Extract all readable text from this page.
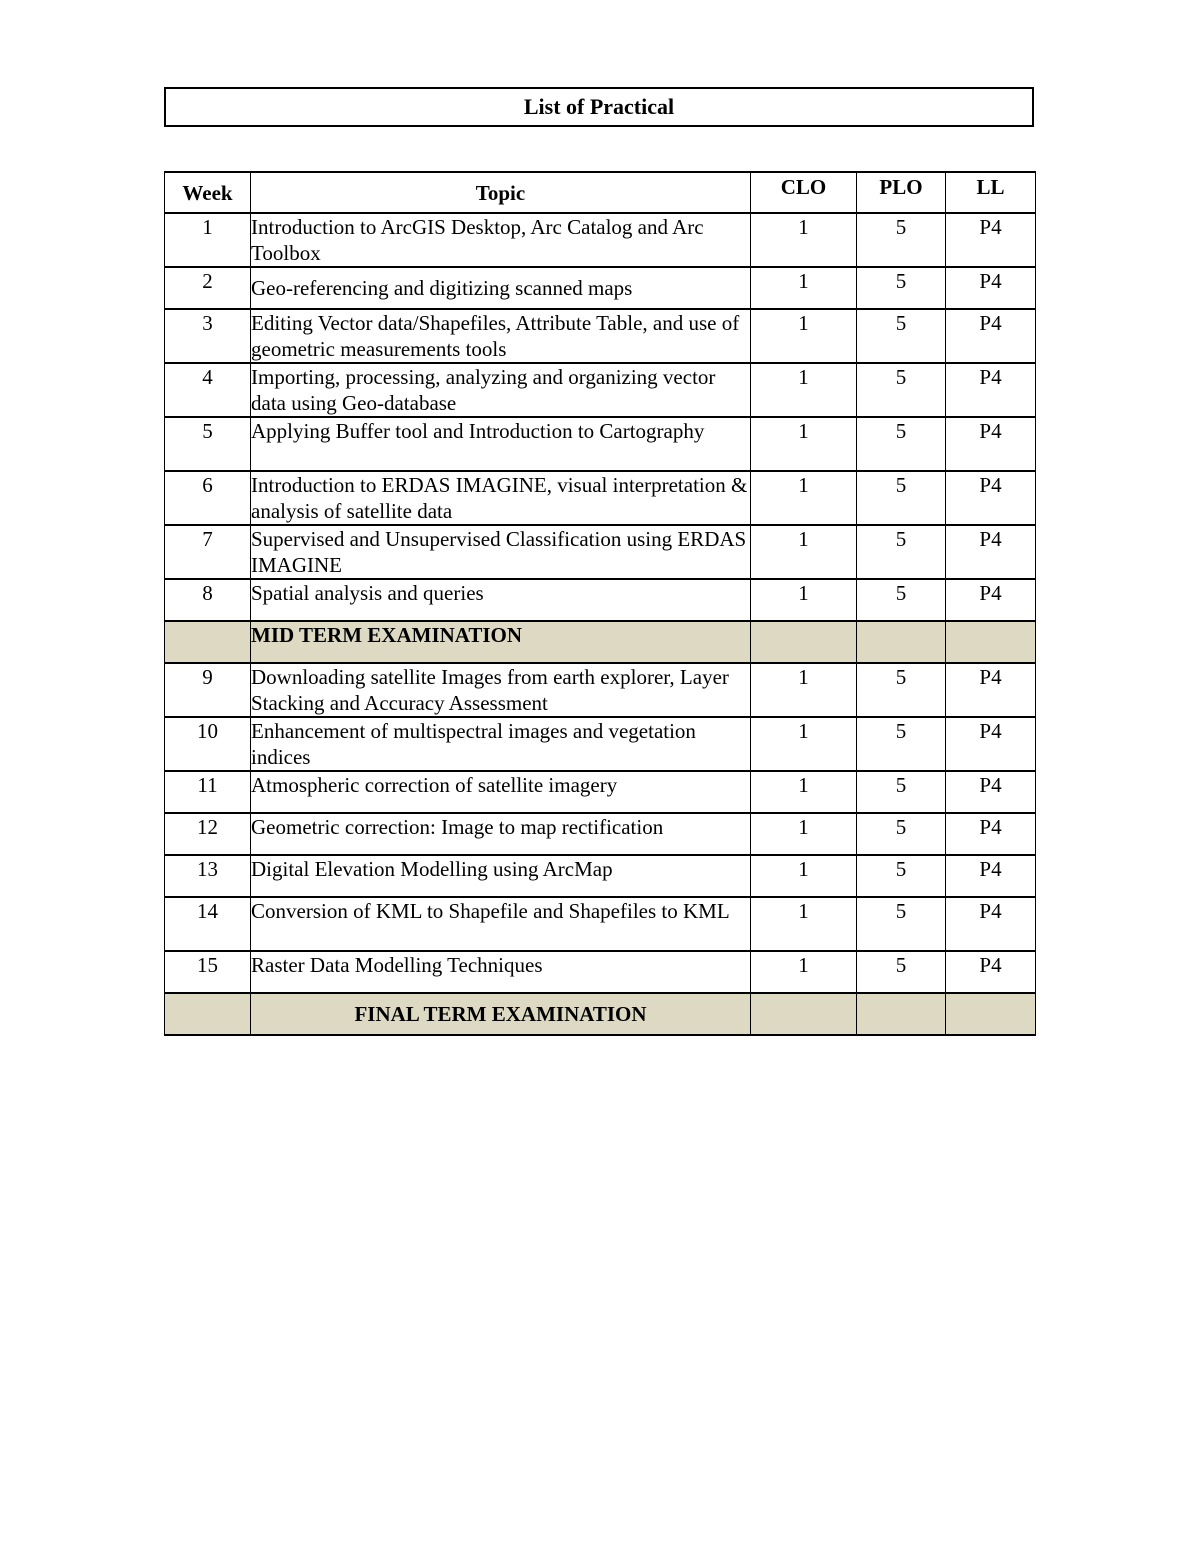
List of Practical
Week	Topic	CLO	PLO	LL
1	Introduction to ArcGIS Desktop, Arc Catalog and Arc Toolbox	1	5	P4
2	Geo-referencing and digitizing scanned maps	1	5	P4
3	Editing Vector data/Shapefiles, Attribute Table, and use of geometric measurements tools	1	5	P4
4	Importing, processing, analyzing and organizing vector data using Geo-database	1	5	P4
5	Applying Buffer tool and Introduction to Cartography	1	5	P4
6	Introduction to ERDAS IMAGINE, visual interpretation & analysis of satellite data	1	5	P4
7	Supervised and Unsupervised Classification using ERDAS IMAGINE	1	5	P4
8	Spatial analysis and queries	1	5	P4
	MID TERM EXAMINATION			
9	Downloading satellite Images from earth explorer, Layer Stacking and Accuracy Assessment	1	5	P4
10	Enhancement of multispectral images and vegetation indices	1	5	P4
11	Atmospheric correction of satellite imagery	1	5	P4
12	Geometric correction: Image to map rectification	1	5	P4
13	Digital Elevation Modelling using ArcMap	1	5	P4
14	Conversion of KML to Shapefile and Shapefiles to KML	1	5	P4
15	Raster Data Modelling Techniques	1	5	P4
	FINAL TERM EXAMINATION			
